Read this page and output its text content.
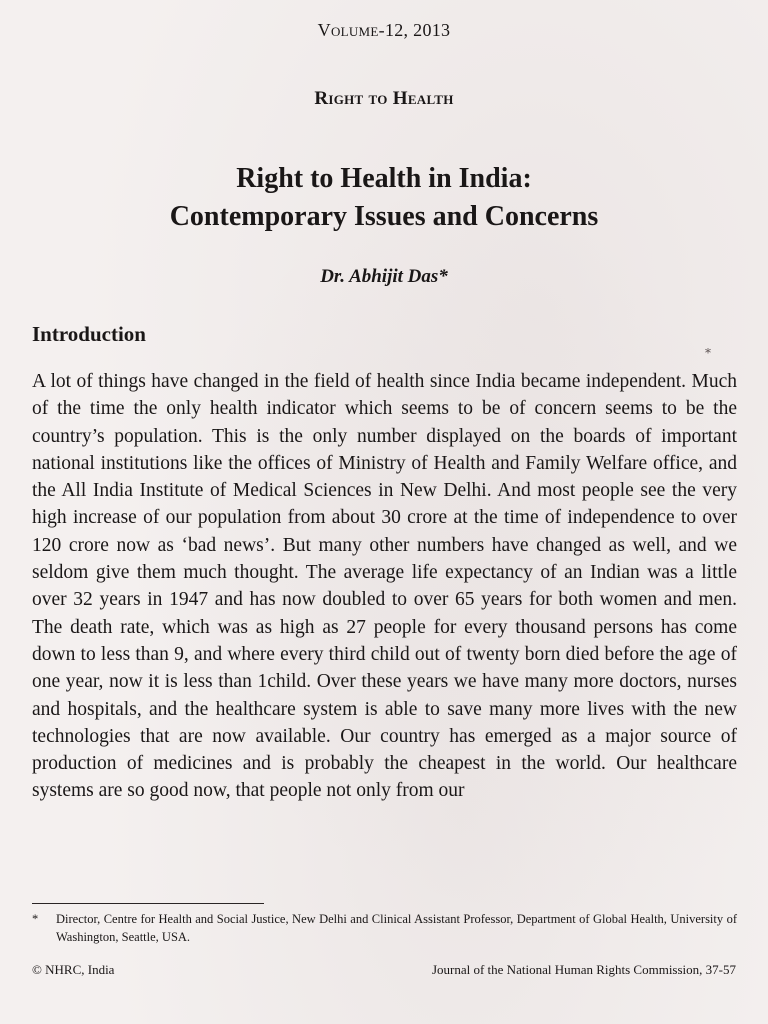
Volume-12, 2013
Right to Health
Right to Health in India:
Contemporary Issues and Concerns
Dr. Abhijit Das*
Introduction
⁎

A lot of things have changed in the field of health since India became independent. Much of the time the only health indicator which seems to be of concern seems to be the country’s population. This is the only number displayed on the boards of important national institutions like the offices of Ministry of Health and Family Welfare office, and the All India Institute of Medical Sciences in New Delhi. And most people see the very high increase of our population from about 30 crore at the time of independence to over 120 crore now as ‘bad news’. But many other numbers have changed as well, and we seldom give them much thought. The average life expectancy of an Indian was a little over 32 years in 1947 and has now doubled to over 65 years for both women and men. The death rate, which was as high as 27 people for every thousand persons has come down to less than 9, and where every third child out of twenty born died before the age of one year, now it is less than 1child. Over these years we have many more doctors, nurses and hospitals, and the healthcare system is able to save many more lives with the new technologies that are now available. Our country has emerged as a major source of production of medicines and is probably the cheapest in the world. Our healthcare systems are so good now, that people not only from our

*	Director, Centre for Health and Social Justice, New Delhi and Clinical Assistant Professor, Department of Global Health, University of Washington, Seattle, USA.
© NHRC, India	Journal of the National Human Rights Commission, 37-57
